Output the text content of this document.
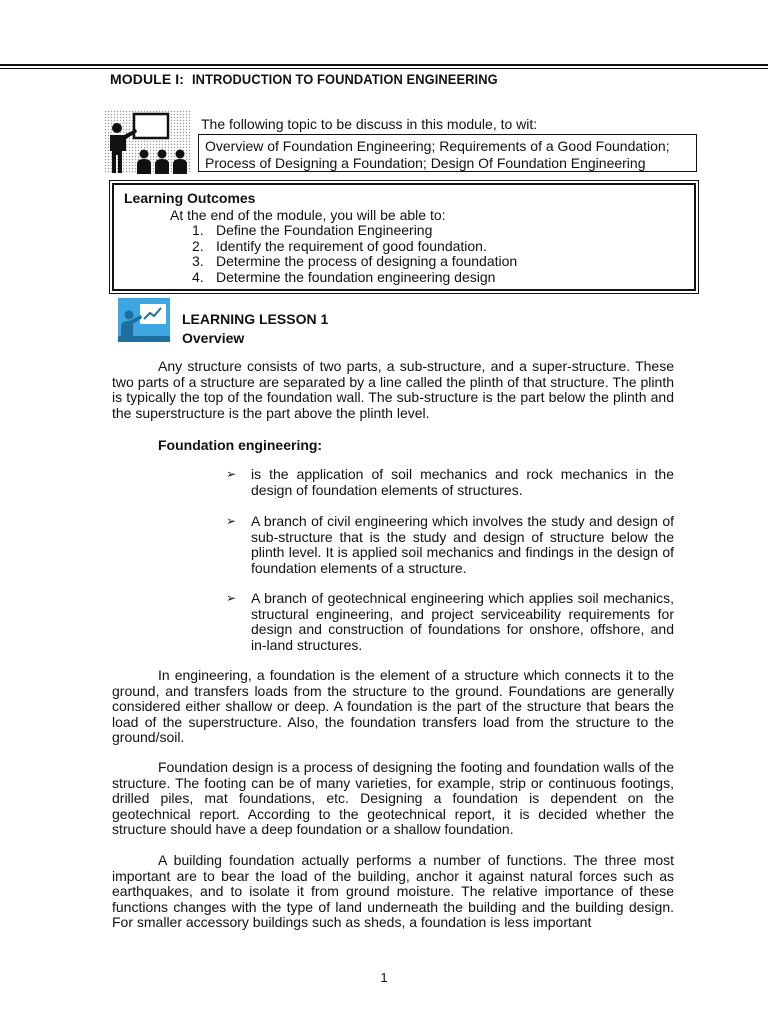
MODULE I: INTRODUCTION TO FOUNDATION ENGINEERING
The following topic to be discuss in this module, to wit:
Overview of Foundation Engineering; Requirements of a Good Foundation; Process of Designing a Foundation; Design Of Foundation Engineering
Learning Outcomes
At the end of the module, you will be able to:
1. Define the Foundation Engineering
2. Identify the requirement of good foundation.
3. Determine the process of designing a foundation
4. Determine the foundation engineering design
LEARNING LESSON 1
Overview

Any structure consists of two parts, a sub-structure, and a super-structure. These two parts of a structure are separated by a line called the plinth of that structure. The plinth is typically the top of the foundation wall. The sub-structure is the part below the plinth and the superstructure is the part above the plinth level.

Foundation engineering:
➢ is the application of soil mechanics and rock mechanics in the design of foundation elements of structures.
➢ A branch of civil engineering which involves the study and design of sub-structure that is the study and design of structure below the plinth level. It is applied soil mechanics and findings in the design of foundation elements of a structure.
➢ A branch of geotechnical engineering which applies soil mechanics, structural engineering, and project serviceability requirements for design and construction of foundations for onshore, offshore, and in-land structures.

In engineering, a foundation is the element of a structure which connects it to the ground, and transfers loads from the structure to the ground. Foundations are generally considered either shallow or deep. A foundation is the part of the structure that bears the load of the superstructure. Also, the foundation transfers load from the structure to the ground/soil.

Foundation design is a process of designing the footing and foundation walls of the structure. The footing can be of many varieties, for example, strip or continuous footings, drilled piles, mat foundations, etc. Designing a foundation is dependent on the geotechnical report. According to the geotechnical report, it is decided whether the structure should have a deep foundation or a shallow foundation.

A building foundation actually performs a number of functions. The three most important are to bear the load of the building, anchor it against natural forces such as earthquakes, and to isolate it from ground moisture. The relative importance of these functions changes with the type of land underneath the building and the building design. For smaller accessory buildings such as sheds, a foundation is less important

1
